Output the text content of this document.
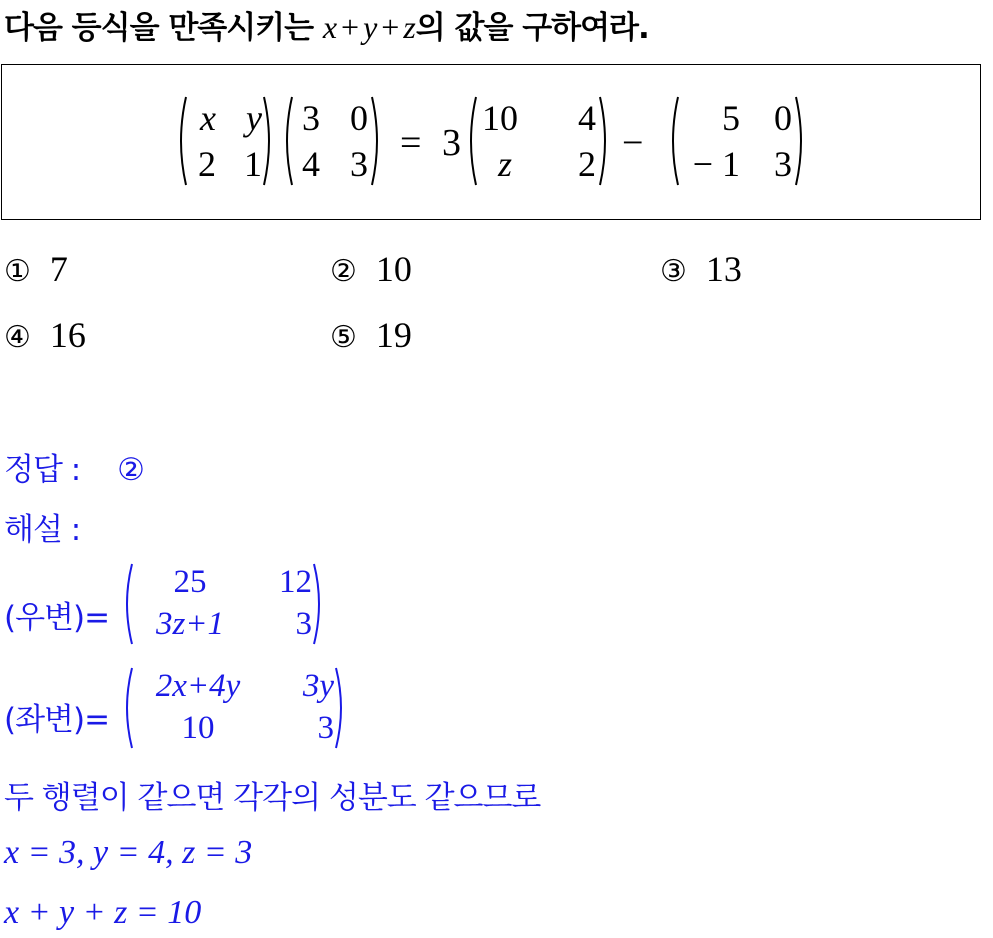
다음 등식을 만족시키는 x + y + z의 값을 구하여라.
x y
2 1
3 0
4 3 = 3
10	4
z	2 −
5 0
− 1 3
① 7	② 10	③ 13
④ 16	⑤ 19
정답 : ②
해설 :
(우변)=
25	12
3z+1	3
(좌변)=
2x+4y	3y
10	3
두 행렬이 같으면 각각의 성분도 같으므로
x = 3, y = 4, z = 3
x + y + z = 10
